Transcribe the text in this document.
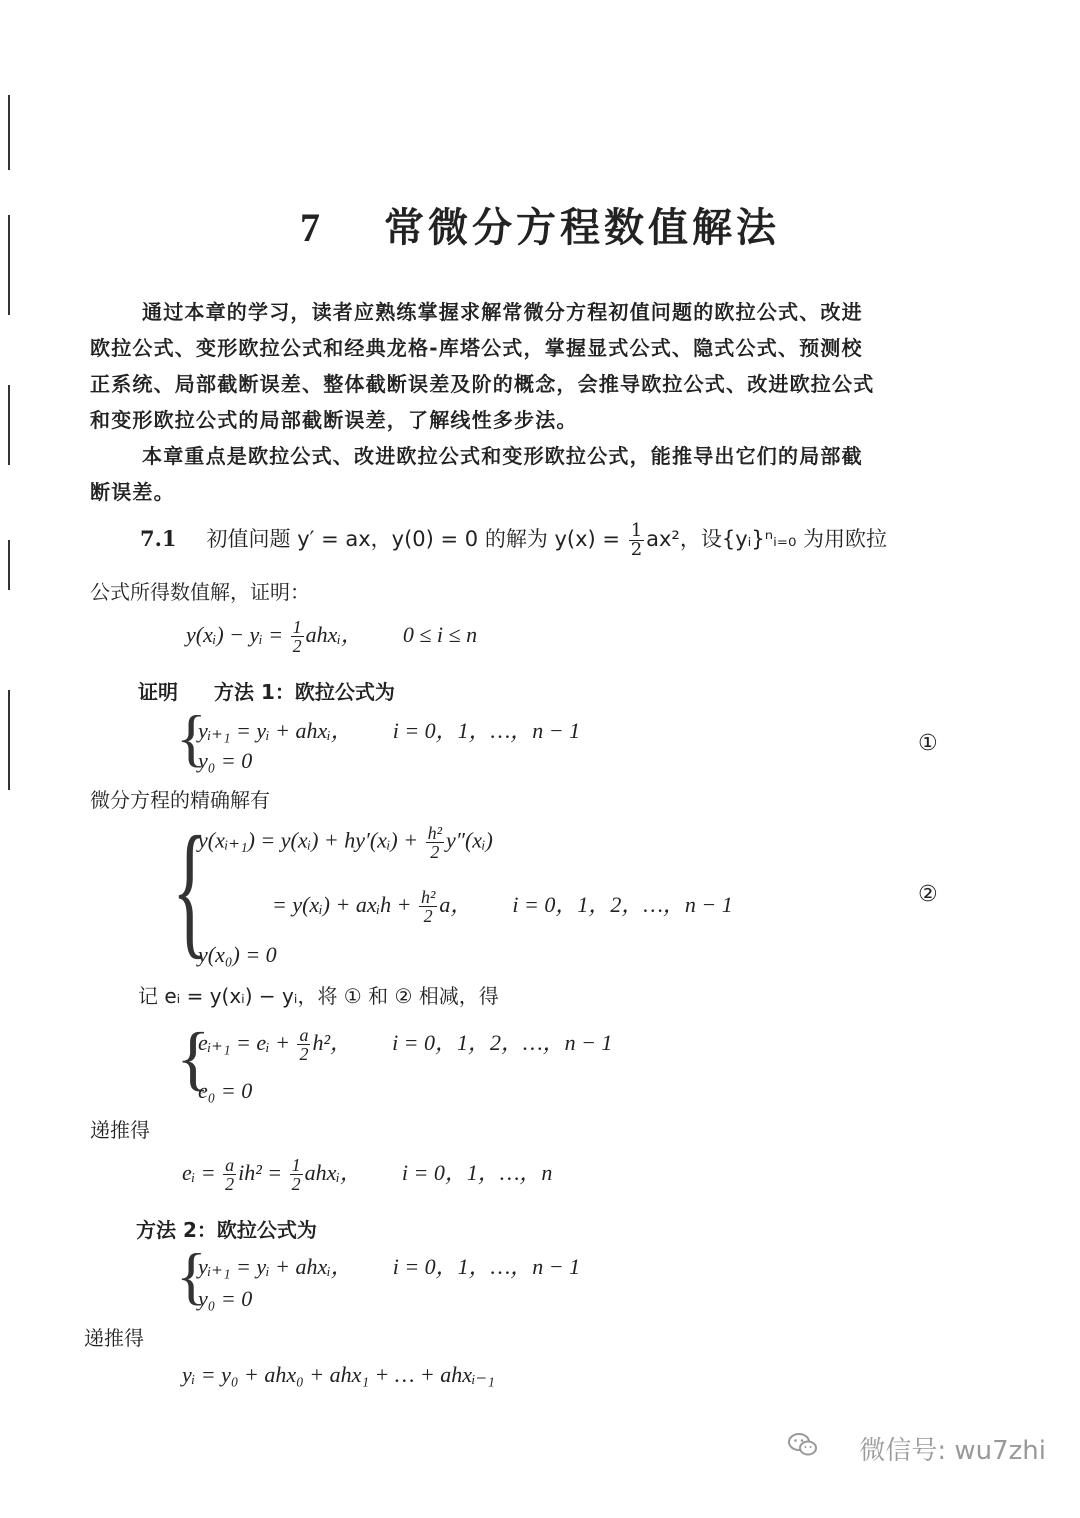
7 常微分方程数值解法
通过本章的学习，读者应熟练掌握求解常微分方程初值问题的欧拉公式、改进
欧拉公式、变形欧拉公式和经典龙格-库塔公式，掌握显式公式、隐式公式、预测校
正系统、局部截断误差、整体截断误差及阶的概念，会推导欧拉公式、改进欧拉公式
和变形欧拉公式的局部截断误差，了解线性多步法。
本章重点是欧拉公式、改进欧拉公式和变形欧拉公式，能推导出它们的局部截
断误差。
7.1 初值问题 y′ = ax，y(0) = 0 的解为 $y(x) = \frac{1}{2} ax^2$，设{yᵢ}ⁿᵢ₌₀ 为用欧拉
公式所得数值解，证明：
y(xᵢ) − yᵢ = $\frac{1}{2}$ ahxᵢ， 0 ≤ i ≤ n
证明 方法 1：欧拉公式为
{
yᵢ₊₁ = yᵢ + ahxᵢ， i = 0，1，…，n − 1
y₀ = 0
①
微分方程的精确解有
{
y(xᵢ₊₁) = y(xᵢ) + hy′(xᵢ) + $\frac{\text{h²}}{2}$ y″(xᵢ)
= y(xᵢ) + axᵢh + $\frac{\text{h²}}{2}$ a， i = 0，1，2，…，n − 1
y(x₀) = 0
②
记 eᵢ = y(xᵢ) − yᵢ，将 ① 和 ② 相减，得
{
eᵢ₊₁ = eᵢ + $\frac{a}{2} h^2$， i = 0，1，2，…，n − 1
e₀ = 0
递推得
eᵢ = $\frac{a}{2} ih^2 = \frac{1}{2}$ ahxᵢ， i = 0，1，…，n
方法 2：欧拉公式为
{
yᵢ₊₁ = yᵢ + ahxᵢ， i = 0，1，…，n − 1
y₀ = 0
递推得
yᵢ = y₀ + ahx₀ + ahx₁ + … + ahxᵢ₋₁
微信号: wu7zhi
